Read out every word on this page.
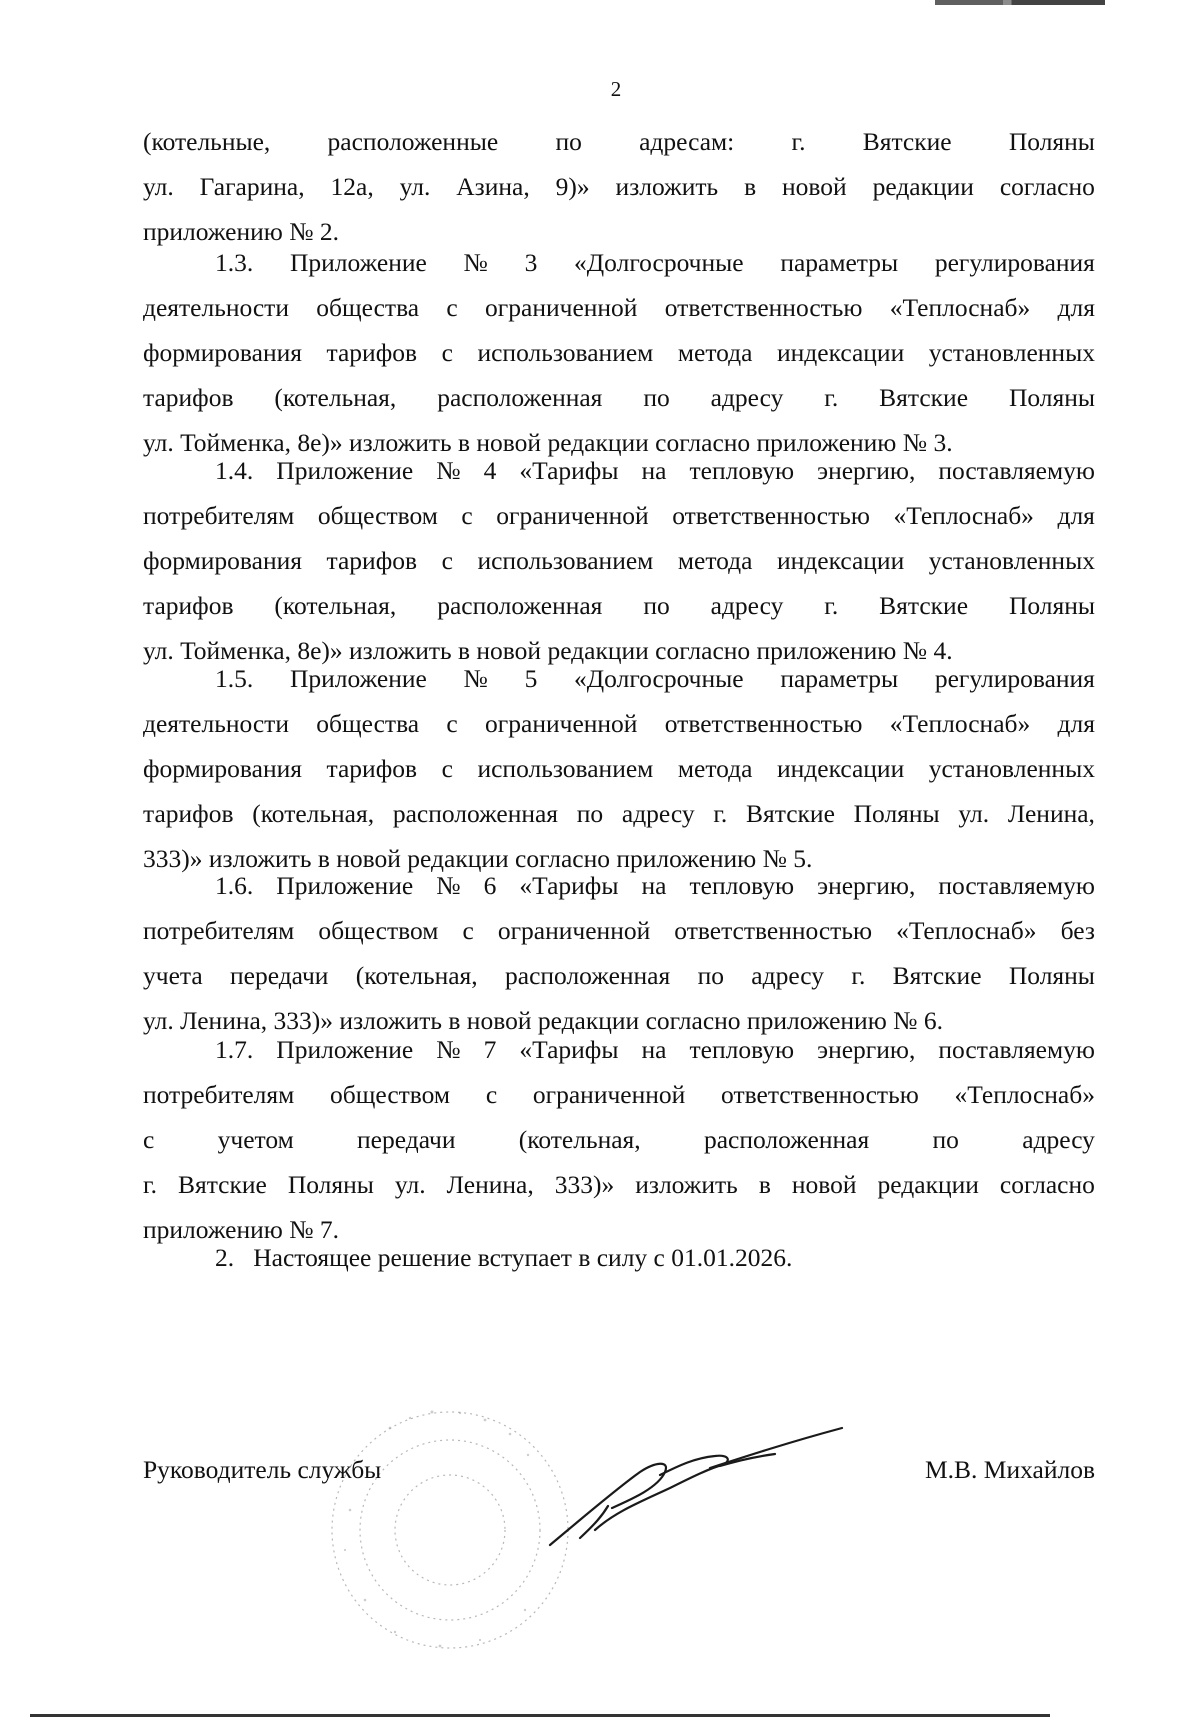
2
(котельные, расположенные по адресам: г. Вятские Поляны
ул. Гагарина, 12а, ул. Азина, 9)» изложить в новой редакции согласно
приложению № 2.
1.3. Приложение № 3 «Долгосрочные параметры регулирования
деятельности общества с ограниченной ответственностью «Теплоснаб» для
формирования тарифов с использованием метода индексации установленных
тарифов (котельная, расположенная по адресу г. Вятские Поляны
ул. Тойменка, 8е)» изложить в новой редакции согласно приложению № 3.
1.4. Приложение № 4 «Тарифы на тепловую энергию, поставляемую
потребителям обществом с ограниченной ответственностью «Теплоснаб» для
формирования тарифов с использованием метода индексации установленных
тарифов (котельная, расположенная по адресу г. Вятские Поляны
ул. Тойменка, 8е)» изложить в новой редакции согласно приложению № 4.
1.5. Приложение № 5 «Долгосрочные параметры регулирования
деятельности общества с ограниченной ответственностью «Теплоснаб» для
формирования тарифов с использованием метода индексации установленных
тарифов (котельная, расположенная по адресу г. Вятские Поляны ул. Ленина,
333)» изложить в новой редакции согласно приложению № 5.
1.6. Приложение № 6 «Тарифы на тепловую энергию, поставляемую
потребителям обществом с ограниченной ответственностью «Теплоснаб» без
учета передачи (котельная, расположенная по адресу г. Вятские Поляны
ул. Ленина, 333)» изложить в новой редакции согласно приложению № 6.
1.7. Приложение № 7 «Тарифы на тепловую энергию, поставляемую
потребителям обществом с ограниченной ответственностью «Теплоснаб»
с учетом передачи (котельная, расположенная по адресу
г. Вятские Поляны ул. Ленина, 333)» изложить в новой редакции согласно
приложению № 7.
2.   Настоящее решение вступает в силу с 01.01.2026.
Руководитель службы	М.В. Михайлов
